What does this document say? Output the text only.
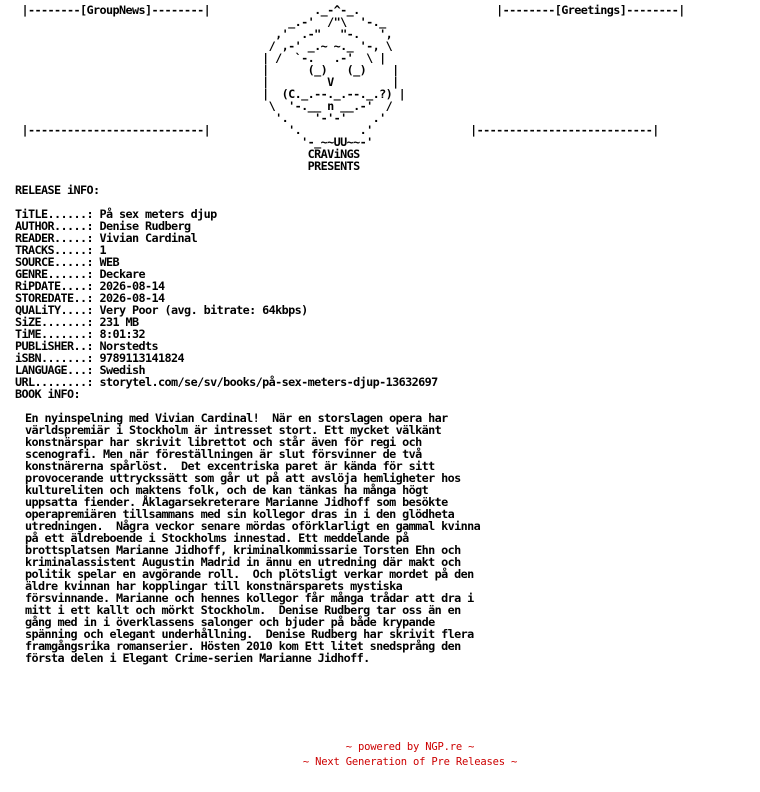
|--------[GroupNews]--------|                ._-^-_.                     |--------[Greetings]--------|
_.-'  /"\  '-._
,'  .-"   "-.   ',
/ ,-' _.~ ~._ '-, \
| /  `-.   .-'  \ |
|      (_)   (_)    |
|         V         |
|  (C._.--._.--._.?) |
\  '-.__ n __.-'  /
'.    '-'-'    .'
|---------------------------|            '.         .'               |---------------------------|
'-_~~UU~~-'
CRAViNGS
PRESENTS
RELEASE iNFO:
TiTLE......: På sex meters djup
AUTHOR.....: Denise Rudberg
READER.....: Vivian Cardinal
TRACKS.....: 1
SOURCE.....: WEB
GENRE......: Deckare
RiPDATE....: 2026-08-14
STOREDATE..: 2026-08-14
QUALiTY....: Very Poor (avg. bitrate: 64kbps)
SiZE.......: 231 MB
TiME.......: 8:01:32
PUBLiSHER..: Norstedts
iSBN.......: 9789113141824
LANGUAGE...: Swedish
URL........: storytel.com/se/sv/books/på-sex-meters-djup-13632697
BOOK iNFO:
En nyinspelning med Vivian Cardinal!  När en storslagen opera har
världspremiär i Stockholm är intresset stort. Ett mycket välkänt
konstnärspar har skrivit librettot och står även för regi och
scenografi. Men när föreställningen är slut försvinner de två
konstnärerna spårlöst.  Det excentriska paret är kända för sitt
provocerande uttryckssätt som går ut på att avslöja hemligheter hos
kultureliten och maktens folk, och de kan tänkas ha många högt
uppsatta fiender. Åklagarsekreterare Marianne Jidhoff som besökte
operapremiären tillsammans med sin kollegor dras in i den glödheta
utredningen.  Några veckor senare mördas oförklarligt en gammal kvinna
på ett äldreboende i Stockholms innestad. Ett meddelande på
brottsplatsen Marianne Jidhoff, kriminalkommissarie Torsten Ehn och
kriminalassistent Augustin Madrid in ännu en utredning där makt och
politik spelar en avgörande roll.  Och plötsligt verkar mordet på den
äldre kvinnan har kopplingar till konstnärsparets mystiska
försvinnande. Marianne och hennes kollegor får många trådar att dra i
mitt i ett kallt och mörkt Stockholm.  Denise Rudberg tar oss än en
gång med in i överklassens salonger och bjuder på både krypande
spänning och elegant underhållning.  Denise Rudberg har skrivit flera
framgångsrika romanserier. Hösten 2010 kom Ett litet snedsprång den
första delen i Elegant Crime-serien Marianne Jidhoff.
~ powered by NGP.re ~
~ Next Generation of Pre Releases ~
